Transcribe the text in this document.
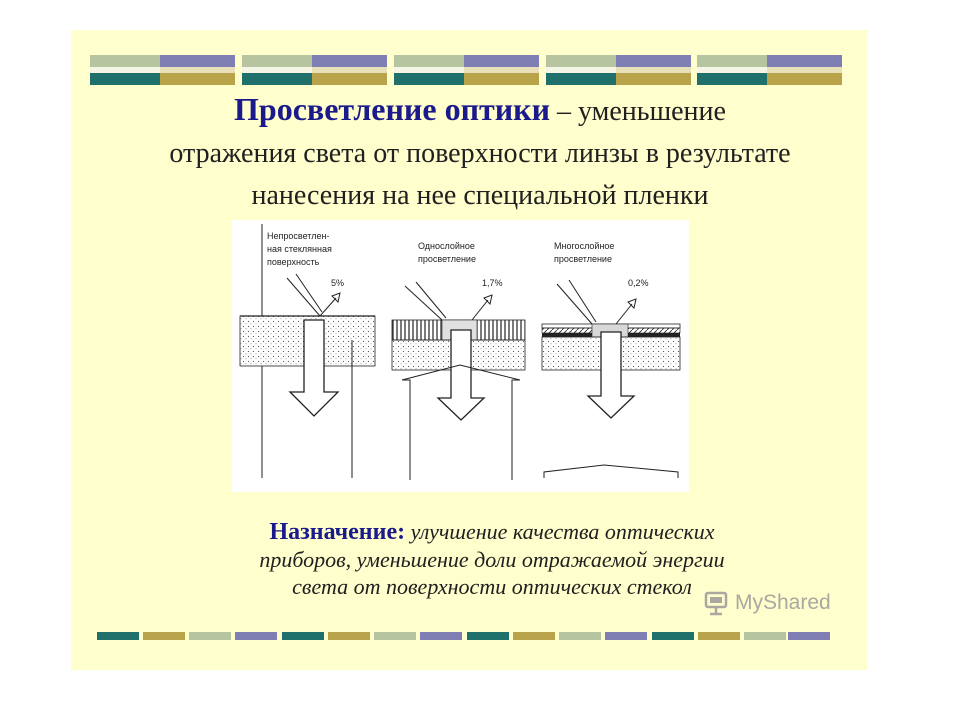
Просветление оптики – уменьшение
отражения света от поверхности линзы в результате
нанесения на нее специальной пленки
Непросветлен-
ная стеклянная
поверхность
5%
Однослойное
просветление
1,7%
Многослойное
просветление
0,2%
Назначение: улучшение качества оптических
приборов, уменьшение доли отражаемой энергии
света от поверхности оптических стекол
MyShared
